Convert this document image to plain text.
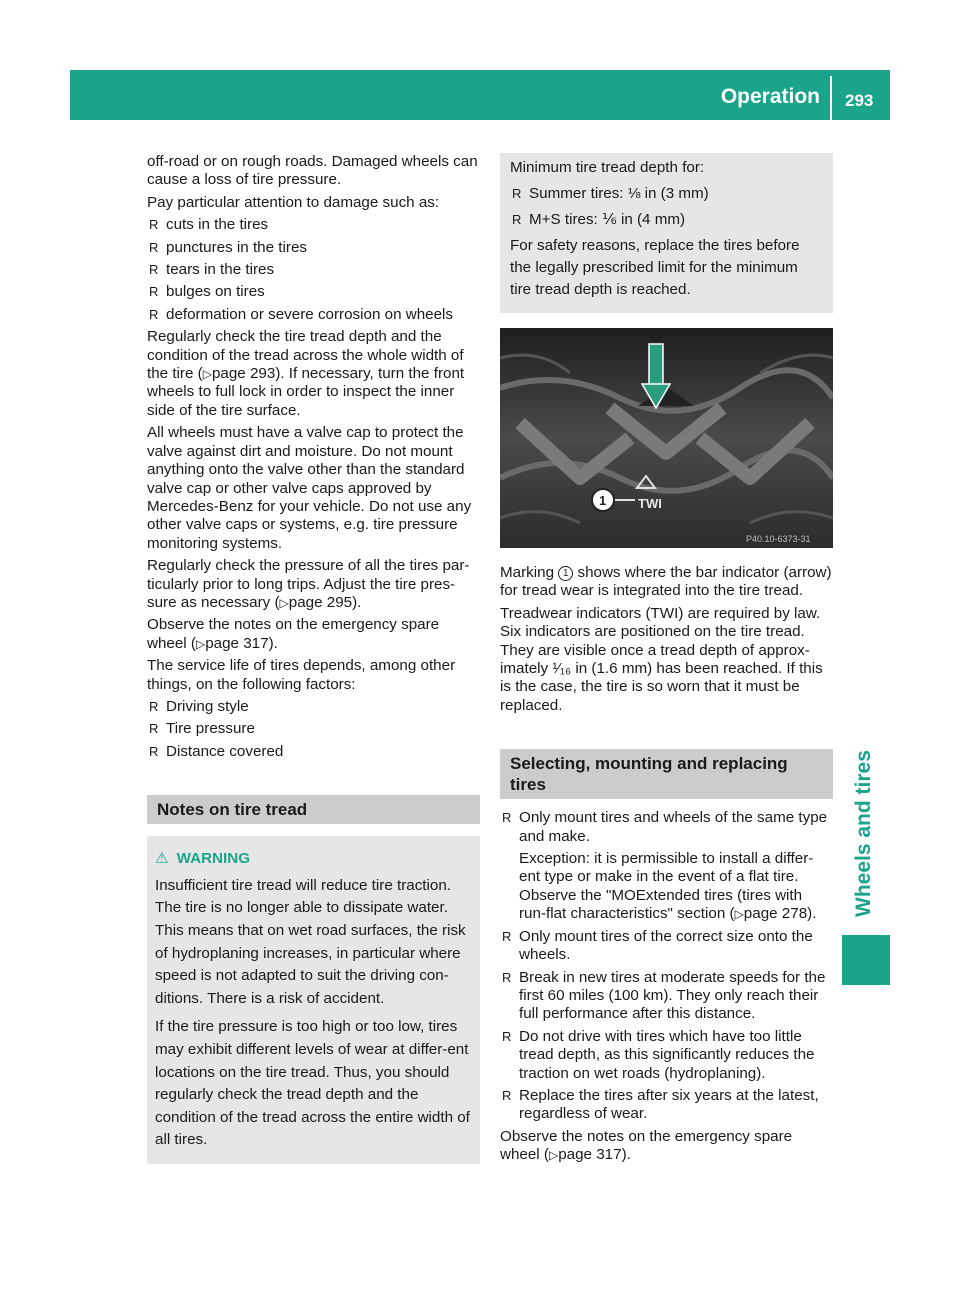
Operation 293
Wheels and tires

off-road or on rough roads. Damaged wheels can cause a loss of tire pressure.

Pay particular attention to damage such as:

R cuts in the tires
R punctures in the tires
R tears in the tires
R bulges on tires
R deformation or severe corrosion on wheels

Regularly check the tire tread depth and the condition of the tread across the whole width of the tire (▷page 293). If necessary, turn the front wheels to full lock in order to inspect the inner side of the tire surface.

All wheels must have a valve cap to protect the valve against dirt and moisture. Do not mount anything onto the valve other than the standard valve cap or other valve caps approved by Mercedes-Benz for your vehicle. Do not use any other valve caps or systems, e.g. tire pressure monitoring systems.

Regularly check the pressure of all the tires par-ticularly prior to long trips. Adjust the tire pres-sure as necessary (▷page 295).

Observe the notes on the emergency spare wheel (▷page 317).

The service life of tires depends, among other things, on the following factors:

R Driving style
R Tire pressure
R Distance covered
Notes on tire tread
⚠ WARNING

Insufficient tire tread will reduce tire traction. The tire is no longer able to dissipate water. This means that on wet road surfaces, the risk of hydroplaning increases, in particular where speed is not adapted to suit the driving con-ditions. There is a risk of accident.

If the tire pressure is too high or too low, tires may exhibit different levels of wear at differ-ent locations on the tire tread. Thus, you should regularly check the tread depth and the condition of the tread across the entire width of all tires.

Minimum tire tread depth for:

R Summer tires: ⅛ in (3 mm)
R M+S tires: ⅙ in (4 mm)

For safety reasons, replace the tires before the legally prescribed limit for the minimum tire tread depth is reached.

TWI
1
P40.10-6373-31

Marking 1 shows where the bar indicator (arrow) for tread wear is integrated into the tire tread.

Treadwear indicators (TWI) are required by law. Six indicators are positioned on the tire tread. They are visible once a tread depth of approx-imately ¹⁄₁₆ in (1.6 mm) has been reached. If this is the case, the tire is so worn that it must be replaced.

Selecting, mounting and replacing tires
R Only mount tires and wheels of the same type and make.

Exception: it is permissible to install a differ-ent type or make in the event of a flat tire. Observe the "MOExtended tires (tires with run-flat characteristics" section (▷page 278).

R Only mount tires of the correct size onto the wheels.
R Break in new tires at moderate speeds for the first 60 miles (100 km). They only reach their full performance after this distance.
R Do not drive with tires which have too little tread depth, as this significantly reduces the traction on wet roads (hydroplaning).
R Replace the tires after six years at the latest, regardless of wear.

Observe the notes on the emergency spare wheel (▷page 317).
